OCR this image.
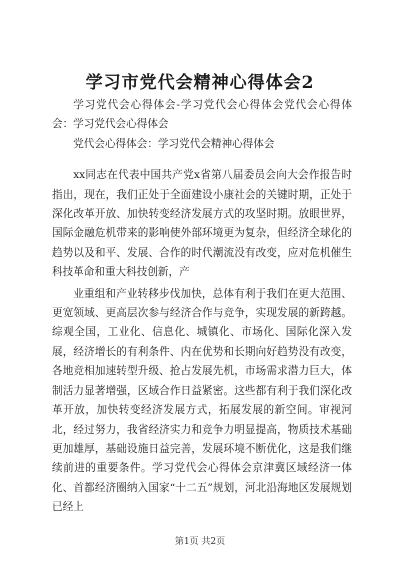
学习市党代会精神心得体会2

学习党代会心得体会-学习党代会心得体会党代会心得体会：学习党代会心得体会

党代会心得体会：学习党代会精神心得体会

xx同志在代表中国共产党x省第八届委员会向大会作报告时指出，现在，我们正处于全面建设小康社会的关键时期，正处于深化改革开放、加快转变经济发展方式的攻坚时期。放眼世界，国际金融危机带来的影响使外部环境更为复杂，但经济全球化的趋势以及和平、发展、合作的时代潮流没有改变，应对危机催生科技革命和重大科技创新，产

业重组和产业转移步伐加快，总体有利于我们在更大范围、更宽领域、更高层次参与经济合作与竞争，实现发展的新跨越。综观全国，工业化、信息化、城镇化、市场化、国际化深入发展，经济增长的有利条件、内在优势和长期向好趋势没有改变，各地竞相加速转型升级、抢占发展先机，市场需求潜力巨大，体制活力显著增强，区域合作日益紧密。这些都有利于我们深化改革开放，加快转变经济发展方式，拓展发展的新空间。审视河北，经过努力，我省经济实力和竞争力明显提高，物质技术基础更加雄厚，基础设施日益完善，发展环境不断优化，这是我们继续前进的重要条件。学习党代会心得体会京津冀区域经济一体化、首都经济圈纳入国家“十二五”规划，河北沿海地区发展规划已经上

第1页 共2页
